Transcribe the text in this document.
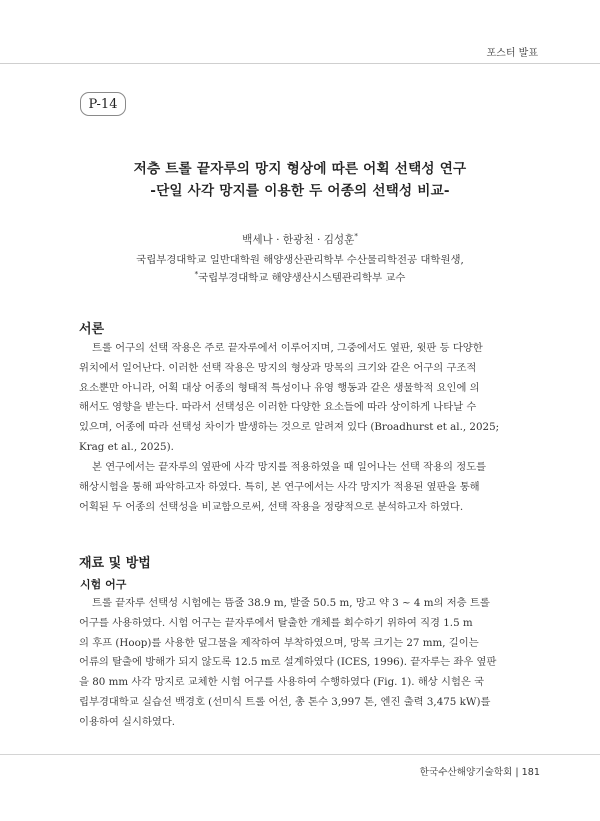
포스터 발표
P-14
저층 트롤 끝자루의 망지 형상에 따른 어획 선택성 연구
-단일 사각 망지를 이용한 두 어종의 선택성 비교-
백세나 · 한광천 · 김성훈*
국립부경대학교 일반대학원 해양생산관리학부 수산물리학전공 대학원생,
*국립부경대학교 해양생산시스템관리학부 교수
서론
트롤 어구의 선택 작용은 주로 끝자루에서 이루어지며, 그중에서도 옆판, 윗판 등 다양한
위치에서 일어난다. 이러한 선택 작용은 망지의 형상과 망목의 크기와 같은 어구의 구조적
요소뿐만 아니라, 어획 대상 어종의 형태적 특성이나 유영 행동과 같은 생물학적 요인에 의
해서도 영향을 받는다. 따라서 선택성은 이러한 다양한 요소들에 따라 상이하게 나타날 수
있으며, 어종에 따라 선택성 차이가 발생하는 것으로 알려져 있다 (Broadhurst et al., 2025;
Krag et al., 2025).
본 연구에서는 끝자루의 옆판에 사각 망지를 적용하였을 때 일어나는 선택 작용의 정도를
해상시험을 통해 파악하고자 하였다. 특히, 본 연구에서는 사각 망지가 적용된 옆판을 통해
어획된 두 어종의 선택성을 비교함으로써, 선택 작용을 정량적으로 분석하고자 하였다.
재료 및 방법
시험 어구
트롤 끝자루 선택성 시험에는 뜸줄 38.9 m, 발줄 50.5 m, 망고 약 3 ~ 4 m의 저층 트롤
어구를 사용하였다. 시험 어구는 끝자루에서 탈출한 개체를 회수하기 위하여 직경 1.5 m
의 후프 (Hoop)를 사용한 덮그물을 제작하여 부착하였으며, 망목 크기는 27 mm, 길이는
어류의 탈출에 방해가 되지 않도록 12.5 m로 설계하였다 (ICES, 1996). 끝자루는 좌우 옆판
을 80 mm 사각 망지로 교체한 시험 어구를 사용하여 수행하였다 (Fig. 1). 해상 시험은 국
립부경대학교 실습선 백경호 (선미식 트롤 어선, 총 톤수 3,997 톤, 엔진 출력 3,475 kW)를
이용하여 실시하였다.
한국수산해양기술학회 | 181
